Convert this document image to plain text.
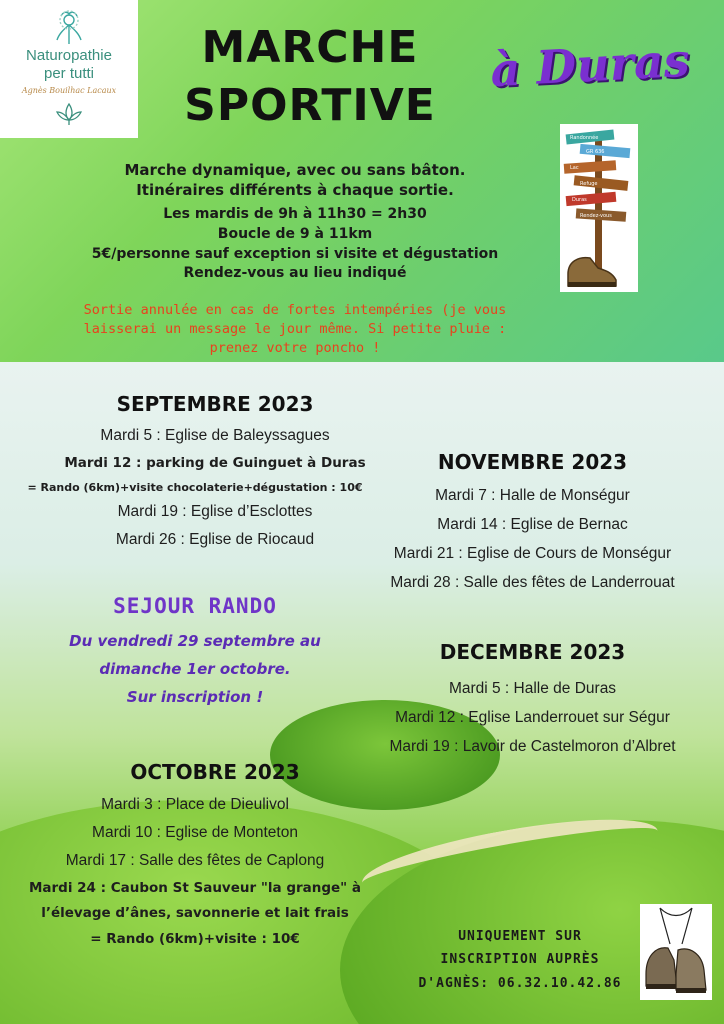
Naturopathie
per tutti
Agnès Bouilhac Lacaux
MARCHE
SPORTIVE
à Duras
Randonnée
GR 636
Lac
Refuge
Duras
Rendez-vous
Marche dynamique, avec ou sans bâton.
Itinéraires différents à chaque sortie.
Les mardis de 9h à 11h30 = 2h30
Boucle de 9 à 11km
5€/personne sauf exception si visite et dégustation
Rendez-vous au lieu indiqué
Sortie annulée en cas de fortes intempéries (je vous
laisserai un message le jour même. Si petite pluie :
prenez votre poncho !
SEPTEMBRE 2023
Mardi 5 : Eglise de Baleyssagues
Mardi 12 : parking de Guinguet à Duras
= Rando (6km)+visite chocolaterie+dégustation : 10€
Mardi 19 : Eglise d’Esclottes
Mardi 26 : Eglise de Riocaud
SEJOUR RANDO
Du vendredi 29 septembre au
dimanche 1er octobre.
Sur inscription !
OCTOBRE 2023
Mardi 3 : Place de Dieulivol
Mardi 10 : Eglise de Monteton
Mardi 17 : Salle des fêtes de Caplong
Mardi 24 : Caubon St Sauveur "la grange" à
l’élevage d’ânes, savonnerie et lait frais
= Rando (6km)+visite : 10€
NOVEMBRE 2023
Mardi 7 : Halle de Monségur
Mardi 14 : Eglise de Bernac
Mardi 21 : Eglise de Cours de Monségur
Mardi 28 : Salle des fêtes de Landerrouat
DECEMBRE 2023
Mardi 5 : Halle de Duras
Mardi 12 : Eglise Landerrouet sur Ségur
Mardi 19 : Lavoir de Castelmoron d’Albret
UNIQUEMENT SUR
INSCRIPTION AUPRÈS
D'AGNÈS: 06.32.10.42.86
